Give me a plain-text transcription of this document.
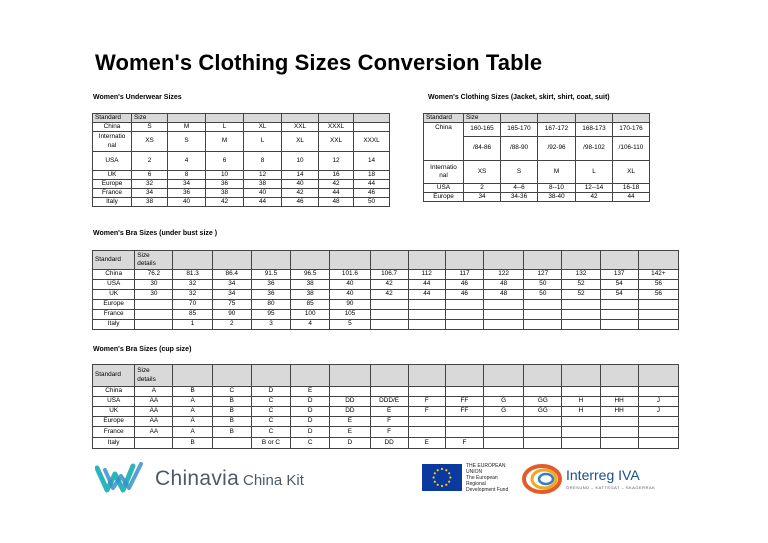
Women's Clothing Sizes Conversion Table
Women's Underwear Sizes
Standard	Size						
China	S	M	L	XL	XXL	XXXL	
Internatio
nal	XS	S	M	L	XL	XXL	XXXL
USA	2	4	6	8	10	12	14
UK	6	8	10	12	14	16	18
Europe	32	34	36	38	40	42	44
France	34	36	38	40	42	44	46
Italy	38	40	42	44	46	48	50
Women's Clothing Sizes (Jacket, skirt, shirt, coat, suit)
Standard	Size				
China	160-165	165-170	167-172	168-173	170-176
	/84-86	/88-90	/92-96	/98-102	/106-110
Internatio
nal	XS	S	M	L	XL
USA	2	4--6	8--10	12--14	16-18
Europe	34	34-36	38-40	42	44
Women's Bra Sizes (under bust size )
Standard	Size
details													
China	76.2	81.3	86.4	91.5	96.5	101.6	106.7	112	117	122	127	132	137	142+
USA	30	32	34	36	38	40	42	44	46	48	50	52	54	56
UK	30	32	34	36	38	40	42	44	46	48	50	52	54	56
Europe		70	75	80	85	90								
France		85	90	95	100	105								
Italy		1	2	3	4	5								
Women's Bra Sizes (cup size)
Standard	Size
details													
China	A	B	C	D	E									
USA	AA	A	B	C	D	DD	DDD/E	F	FF	G	GG	H	HH	J
UK	AA	A	B	C	D	DD	E	F	FF	G	GG	H	HH	J
Europe	AA	A	B	C	D	E	F							
France	AA	A	B	C	D	E	F							
Italy		B		B or C	C	D	DD	E	F					
Chinavia China Kit
THE EUROPEAN
UNION
The European
Regional
Development Fund
Interreg IVA
ÖRESUND – KATTEGAT – SKAGERRAK
